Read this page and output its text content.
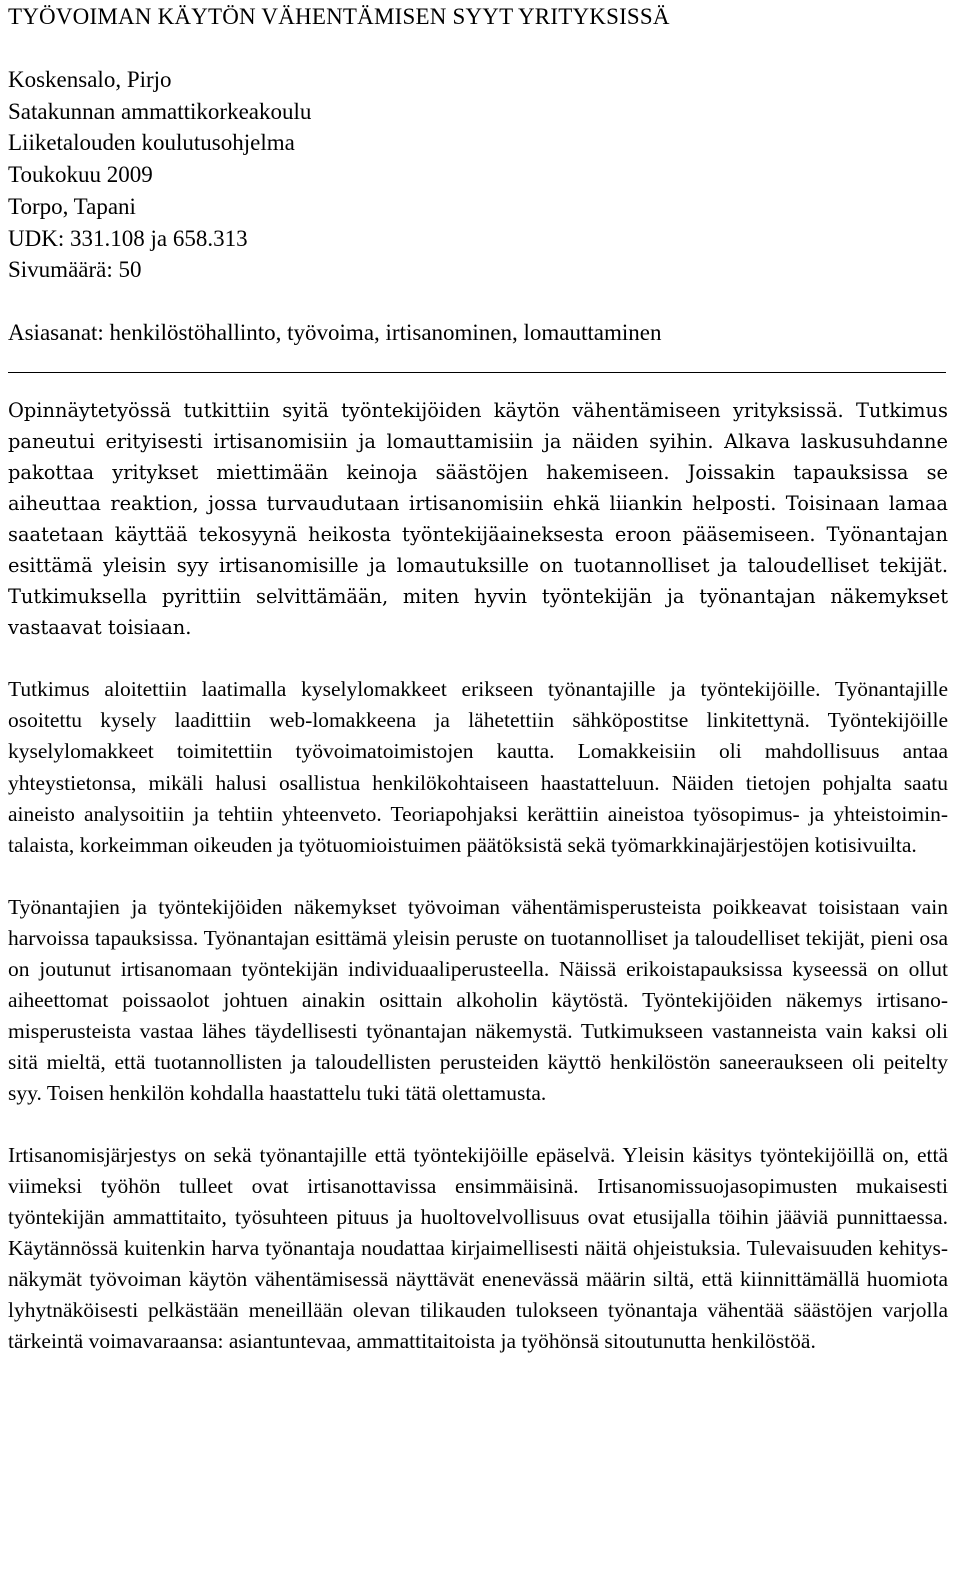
TYÖVOIMAN KÄYTÖN VÄHENTÄMISEN SYYT YRITYKSISSÄ
Koskensalo, Pirjo
Satakunnan ammattikorkeakoulu
Liiketalouden koulutusohjelma
Toukokuu 2009
Torpo, Tapani
UDK: 331.108 ja 658.313
Sivumäärä: 50
Asiasanat: henkilöstöhallinto, työvoima, irtisanominen, lomauttaminen

Opinnäytetyössä tutkittiin syitä työntekijöiden käytön vähentämiseen yrityksissä. Tutkimus paneutui erityisesti irtisanomisiin ja lomauttamisiin ja näiden syihin. Alkava laskusuhdanne pakottaa yritykset miettimään keinoja säästöjen hakemiseen. Joissakin tapauksissa se aiheuttaa reaktion, jossa turvaudutaan irtisanomisiin ehkä liiankin helposti. Toisinaan lamaa saatetaan käyttää tekosyynä heikosta työntekijäaineksesta eroon pääsemiseen. Työnantajan esittämä yleisin syy irtisanomisille ja lomautuksille on tuotannolliset ja taloudelliset tekijät. Tutkimuksella pyrittiin selvittämään, miten hyvin työntekijän ja työnantajan näkemykset vastaavat toisiaan.

Tutkimus aloitettiin laatimalla kyselylomakkeet erikseen työnantajille ja työntekijöille. Työnantajille osoitettu kysely laadittiin web-lomakkeena ja lähetettiin sähköpostitse linkitettynä. Työntekijöille kyselylomakkeet toimitettiin työvoimatoimistojen kautta. Lomakkeisiin oli mahdollisuus antaa yhteystietonsa, mikäli halusi osallistua henkilökohtaiseen haastatteluun. Näiden tietojen pohjalta saatu aineisto analysoitiin ja tehtiin yhteenveto. Teoriapohjaksi kerättiin aineistoa työsopimus- ja yhteistoimintalaista, korkeimman oikeuden ja työtuomioistuimen päätöksistä sekä työmarkkinajärjestöjen kotisivuilta.

Työnantajien ja työntekijöiden näkemykset työvoiman vähentämisperusteista poikkeavat toisistaan vain harvoissa tapauksissa. Työnantajan esittämä yleisin peruste on tuotannolliset ja taloudelliset tekijät, pieni osa on joutunut irtisanomaan työntekijän individuaaliperusteella. Näissä erikoistapauksissa kyseessä on ollut aiheettomat poissaolot johtuen ainakin osittain alkoholin käytöstä. Työntekijöiden näkemys irtisanomisperusteista vastaa lähes täydellisesti työnantajan näkemystä. Tutkimukseen vastanneista vain kaksi oli sitä mieltä, että tuotannollisten ja taloudellisten perusteiden käyttö henkilöstön saneeraukseen oli peitelty syy. Toisen henkilön kohdalla haastattelu tuki tätä olettamusta.

Irtisanomisjärjestys on sekä työnantajille että työntekijöille epäselvä. Yleisin käsitys työntekijöillä on, että viimeksi työhön tulleet ovat irtisanottavissa ensimmäisinä. Irtisanomissuojasopimusten mukaisesti työntekijän ammattitaito, työsuhteen pituus ja huoltovelvollisuus ovat etusijalla töihin jääviä punnittaessa. Käytännössä kuitenkin harva työnantaja noudattaa kirjaimellisesti näitä ohjeistuksia. Tulevaisuuden kehitysnäkymät työvoiman käytön vähentämisessä näyttävät enenevässä määrin siltä, että kiinnittämällä huomiota lyhytnäköisesti pelkästään meneillään olevan tilikauden tulokseen työnantaja vähentää säästöjen varjolla tärkeintä voimavaraansa: asiantuntevaa, ammattitaitoista ja työhönsä sitoutunutta henkilöstöä.
